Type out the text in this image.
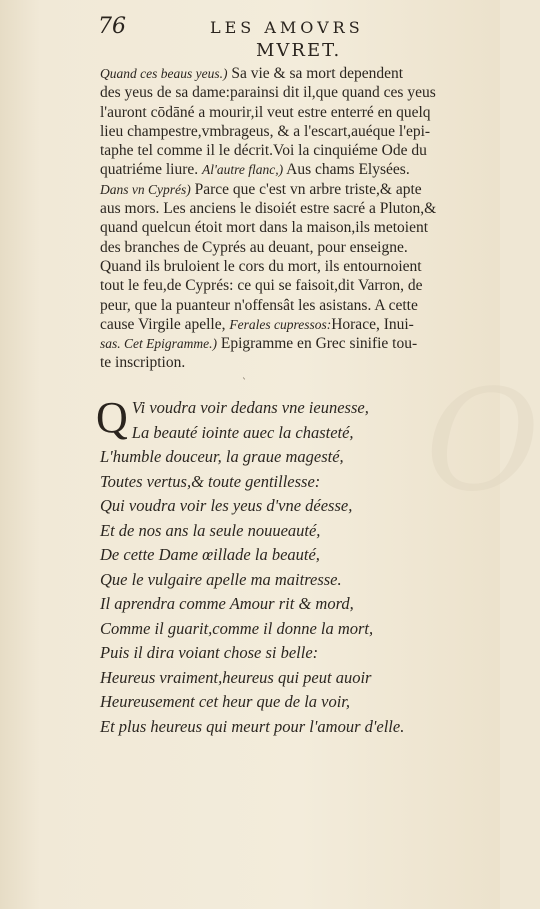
O
76	LES AMOVRS
MVRET.
Quand ces beaus yeus.) Sa vie & sa mort dependent
des yeus de sa dame:parainsi dit il,que quand ces yeus
l'auront cōdāné a mourir,il veut estre enterré en quelq
lieu champestre,vmbrageus, & a l'escart,auéque l'epi-
taphe tel comme il le décrit.Voi la cinquiéme Ode du
quatriéme liure. Al'autre flanc,) Aus chams Elysées.
Dans vn Cyprés) Parce que c'est vn arbre triste,& apte
aus mors. Les anciens le disoiét estre sacré a Pluton,&
quand quelcun étoit mort dans la maison,ils metoient
des branches de Cyprés au deuant, pour enseigne.
Quand ils bruloient le cors du mort, ils entournoient
tout le feu,de Cyprés: ce qui se faisoit,dit Varron, de
peur, que la puanteur n'offensât les asistans. A cette
cause Virgile apelle, Ferales cupressos:Horace, Inui-
sas. Cet Epigramme.) Epigramme en Grec sinifie tou-
te inscription.
`
Q Vi voudra voir dedans vne ieunesse,
La beauté iointe auec la chasteté,
L'humble douceur, la graue magesté,
Toutes vertus,& toute gentillesse:
Qui voudra voir les yeus d'vne déesse,
Et de nos ans la seule nouueauté,
De cette Dame œillade la beauté,
Que le vulgaire apelle ma maitresse.
Il aprendra comme Amour rit & mord,
Comme il guarit,comme il donne la mort,
Puis il dira voiant chose si belle:
Heureus vraiment,heureus qui peut auoir
Heureusement cet heur que de la voir,
Et plus heureus qui meurt pour l'amour d'elle.
